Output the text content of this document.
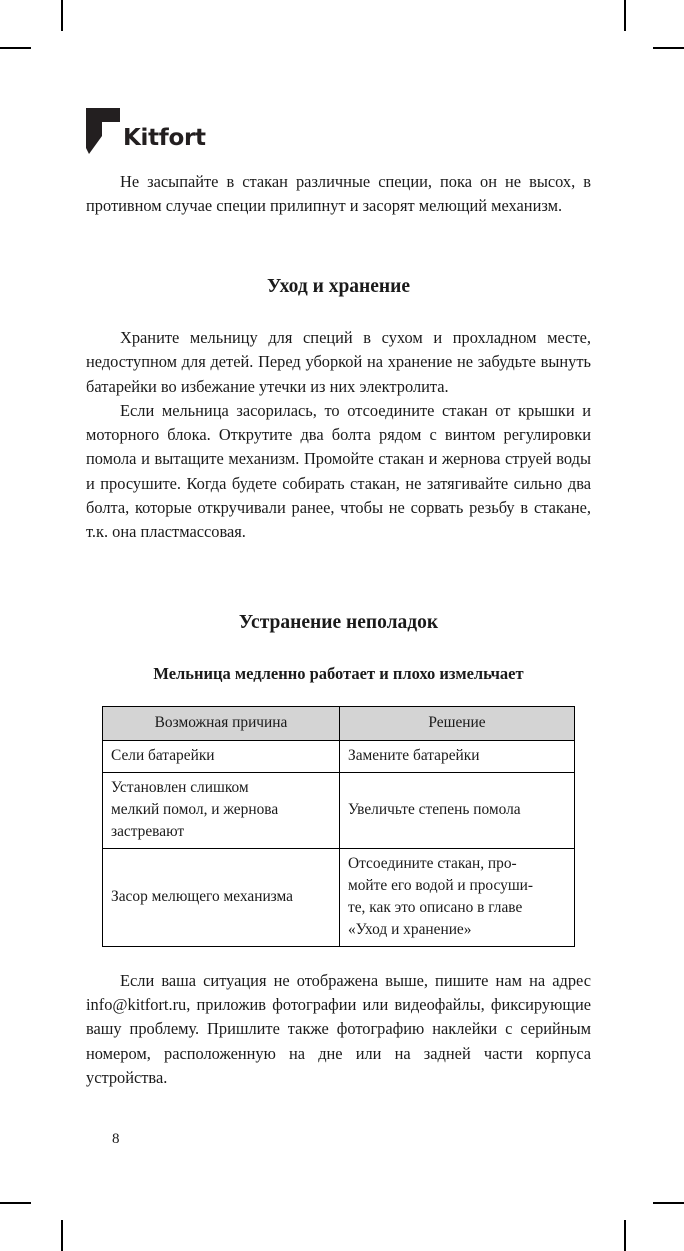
Kitfort

Не засыпайте в стакан различные специи, пока он не высох, в противном случае специи прилипнут и засорят мелющий механизм.

Уход и хранение

Храните мельницу для специй в сухом и прохладном месте, недоступном для детей. Перед уборкой на хранение не забудьте вынуть батарейки во избежание утечки из них электролита.

Если мельница засорилась, то отсоедините стакан от крышки и моторного блока. Открутите два болта рядом с винтом регулировки помола и вытащите механизм. Промойте стакан и жернова струей воды и просушите. Когда будете собирать стакан, не затягивайте сильно два болта, которые откручивали ранее, чтобы не сорвать резьбу в стакане, т.к. она пластмассовая.

Устранение неполадок
Мельница медленно работает и плохо измельчает
Возможная причина	Решение

Сели батарейки	Замените батарейки

Установлен слишком
мелкий помол, и жернова
застревают	Увеличьте степень помола

Засор мелющего механизма	Отсоедините стакан, про-
мойте его водой и просуши-
те, как это описано в главе
«Уход и хранение»

Если ваша ситуация не отображена выше, пишите нам на адрес info@kitfort.ru, приложив фотографии или видеофайлы, фиксирующие вашу проблему. Пришлите также фотографию наклейки с серийным номером, расположенную на дне или на задней части корпуса устройства.

8
